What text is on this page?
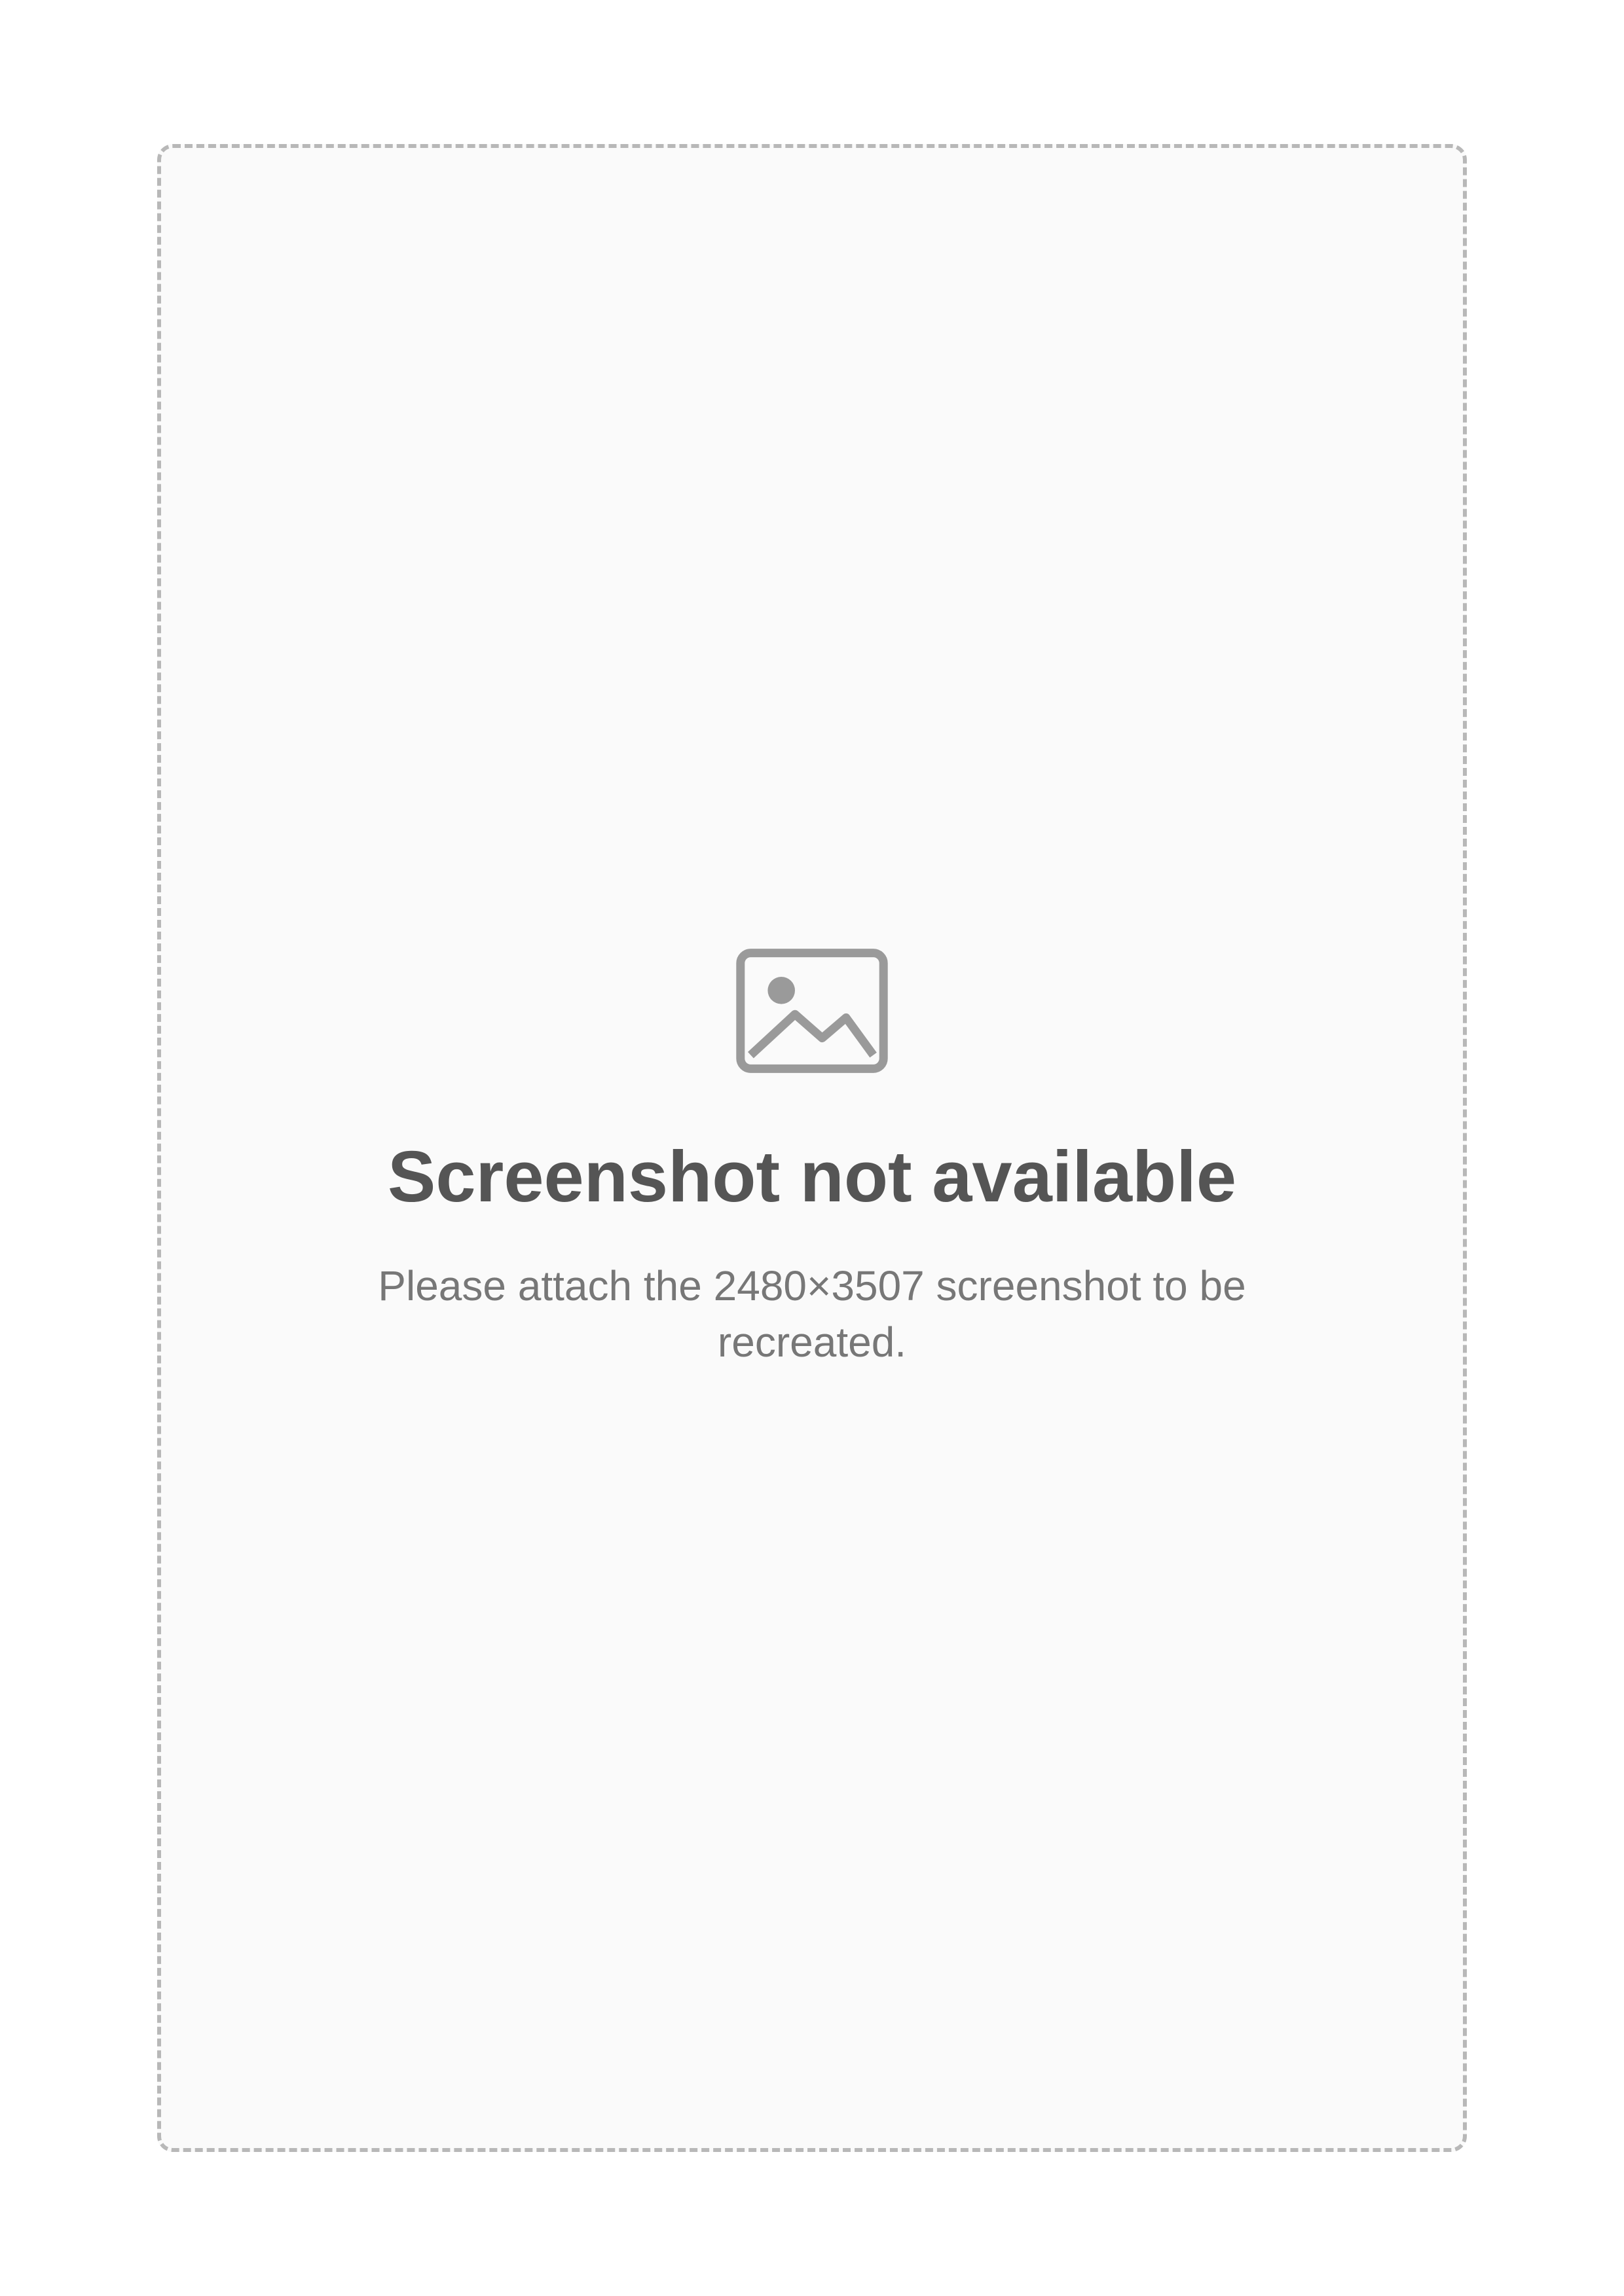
Screenshot not available

Please attach the 2480×3507 screenshot to be recreated.
